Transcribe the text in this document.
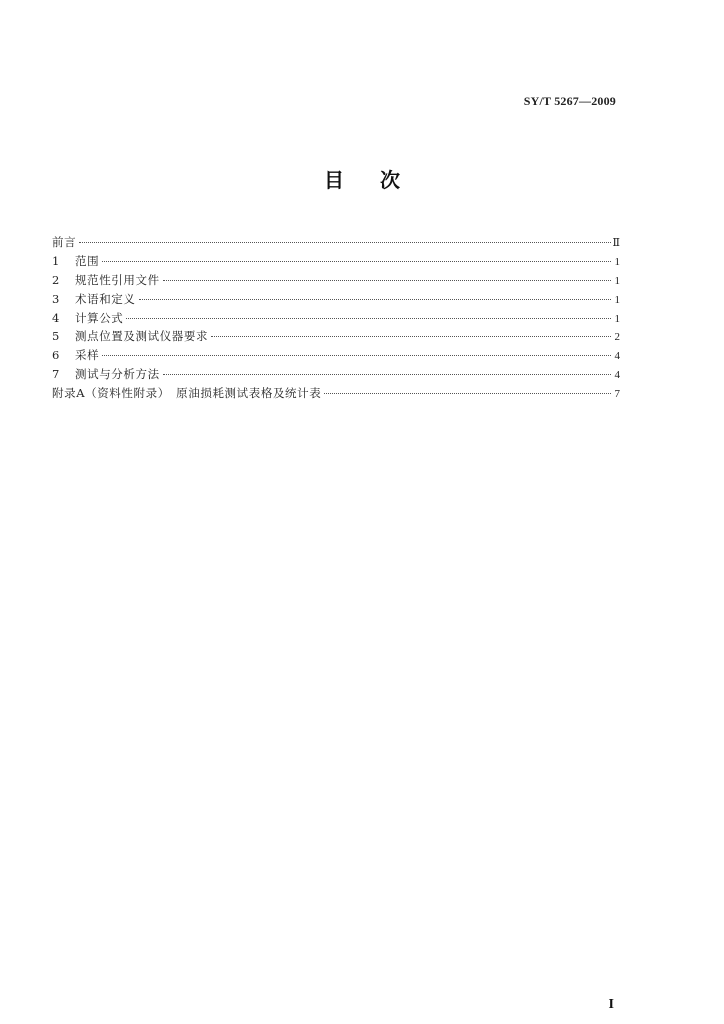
SY/T 5267—2009
目 次
前言	Ⅱ
1	范围	1
2	规范性引用文件	1
3	术语和定义	1
4	计算公式	1
5	测点位置及测试仪器要求	2
6	采样	4
7	测试与分析方法	4
附录A（资料性附录）　原油损耗测试表格及统计表	7
I
